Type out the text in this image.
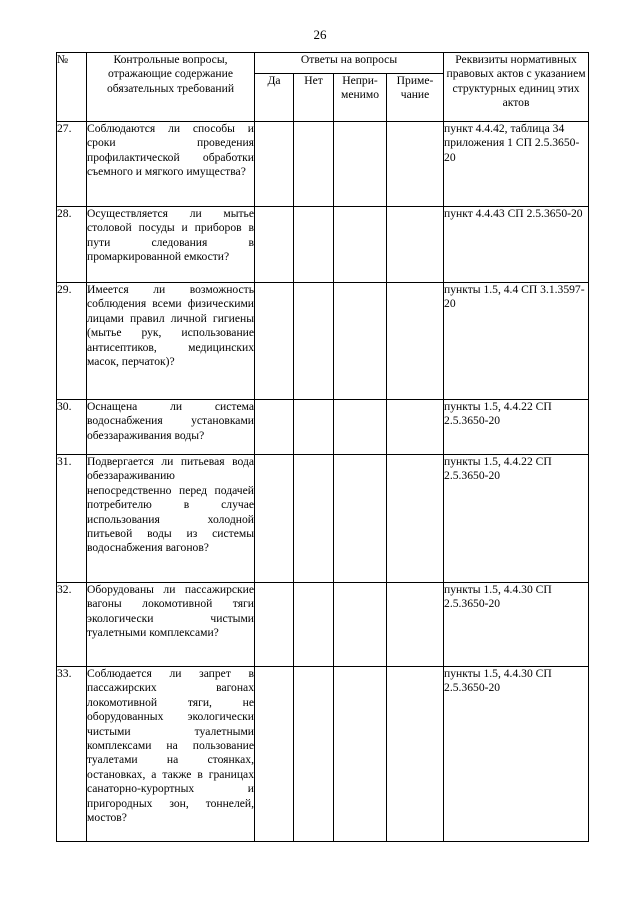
26
№	Контрольные вопросы, отражающие содержание обязательных требований	Ответы на вопросы				Реквизиты нормативных правовых актов с указанием структурных единиц этих актов
		Да	Нет	Непри-менимо	Приме-чание	
27.	Соблюдаются ли способы и сроки проведения профилактической обработки съемного и мягкого имущества?					пункт 4.4.42, таблица 34 приложения 1 СП 2.5.3650-20
28.	Осуществляется ли мытье столовой посуды и приборов в пути следования в промаркированной емкости?					пункт 4.4.43 СП 2.5.3650-20
29.	Имеется ли возможность соблюдения всеми физическими лицами правил личной гигиены (мытье рук, использование антисептиков, медицинских масок, перчаток)?					пункты 1.5, 4.4 СП 3.1.3597-20
30.	Оснащена ли система водоснабжения установками обеззараживания воды?					пункты 1.5, 4.4.22 СП 2.5.3650-20
31.	Подвергается ли питьевая вода обеззараживанию непосредственно перед подачей потребителю в случае использования холодной питьевой воды из системы водоснабжения вагонов?					пункты 1.5, 4.4.22 СП 2.5.3650-20
32.	Оборудованы ли пассажирские вагоны локомотивной тяги экологически чистыми туалетными комплексами?					пункты 1.5, 4.4.30 СП 2.5.3650-20
33.	Соблюдается ли запрет в пассажирских вагонах локомотивной тяги, не оборудованных экологически чистыми туалетными комплексами на пользование туалетами на стоянках, остановках, а также в границах санаторно-курортных и пригородных зон, тоннелей, мостов?					пункты 1.5, 4.4.30 СП 2.5.3650-20
